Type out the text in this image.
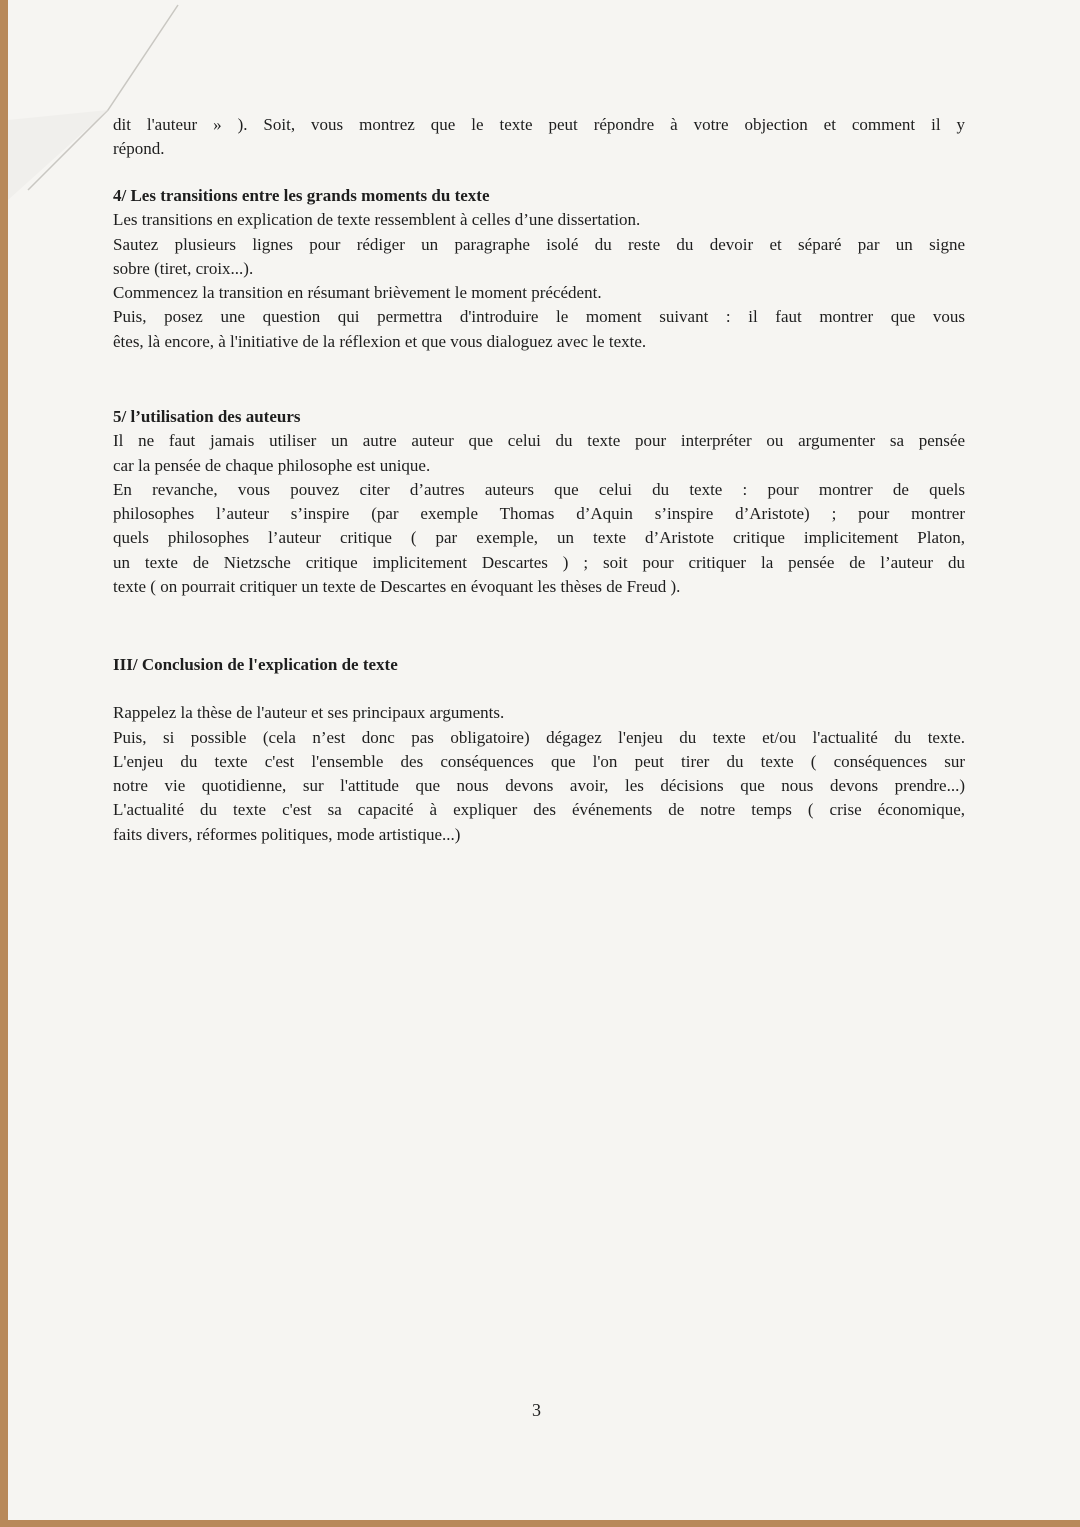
dit l'auteur » ). Soit, vous montrez que le texte peut répondre à votre objection et comment il y
répond.
4/ Les transitions entre les grands moments du texte
Les transitions en explication de texte ressemblent à celles d’une dissertation.
Sautez plusieurs lignes pour rédiger un paragraphe isolé du reste du devoir et séparé par un signe
sobre (tiret, croix...).
Commencez la transition en résumant brièvement le moment précédent.
Puis, posez une question qui permettra d'introduire le moment suivant : il faut montrer que vous
êtes, là encore, à l'initiative de la réflexion et que vous dialoguez avec le texte.
5/ l’utilisation des auteurs
Il ne faut jamais utiliser un autre auteur que celui du texte pour interpréter ou argumenter sa pensée
car la pensée de chaque philosophe est unique.
En revanche, vous pouvez citer d’autres auteurs que celui du texte : pour montrer de quels
philosophes l’auteur s’inspire (par exemple Thomas d’Aquin s’inspire d’Aristote) ; pour montrer
quels philosophes l’auteur critique ( par exemple, un texte d’Aristote critique implicitement Platon,
un texte de Nietzsche critique implicitement Descartes ) ; soit pour critiquer la pensée de l’auteur du
texte ( on pourrait critiquer un texte de Descartes en évoquant les thèses de Freud ).
III/ Conclusion de l'explication de texte
Rappelez la thèse de l'auteur et ses principaux arguments.
Puis, si possible (cela n’est donc pas obligatoire) dégagez l'enjeu du texte et/ou l'actualité du texte.
L'enjeu du texte c'est l'ensemble des conséquences que l'on peut tirer du texte ( conséquences sur
notre vie quotidienne, sur l'attitude que nous devons avoir, les décisions que nous devons prendre...)
L'actualité du texte c'est sa capacité à expliquer des événements de notre temps ( crise économique,
faits divers, réformes politiques, mode artistique...)
3
